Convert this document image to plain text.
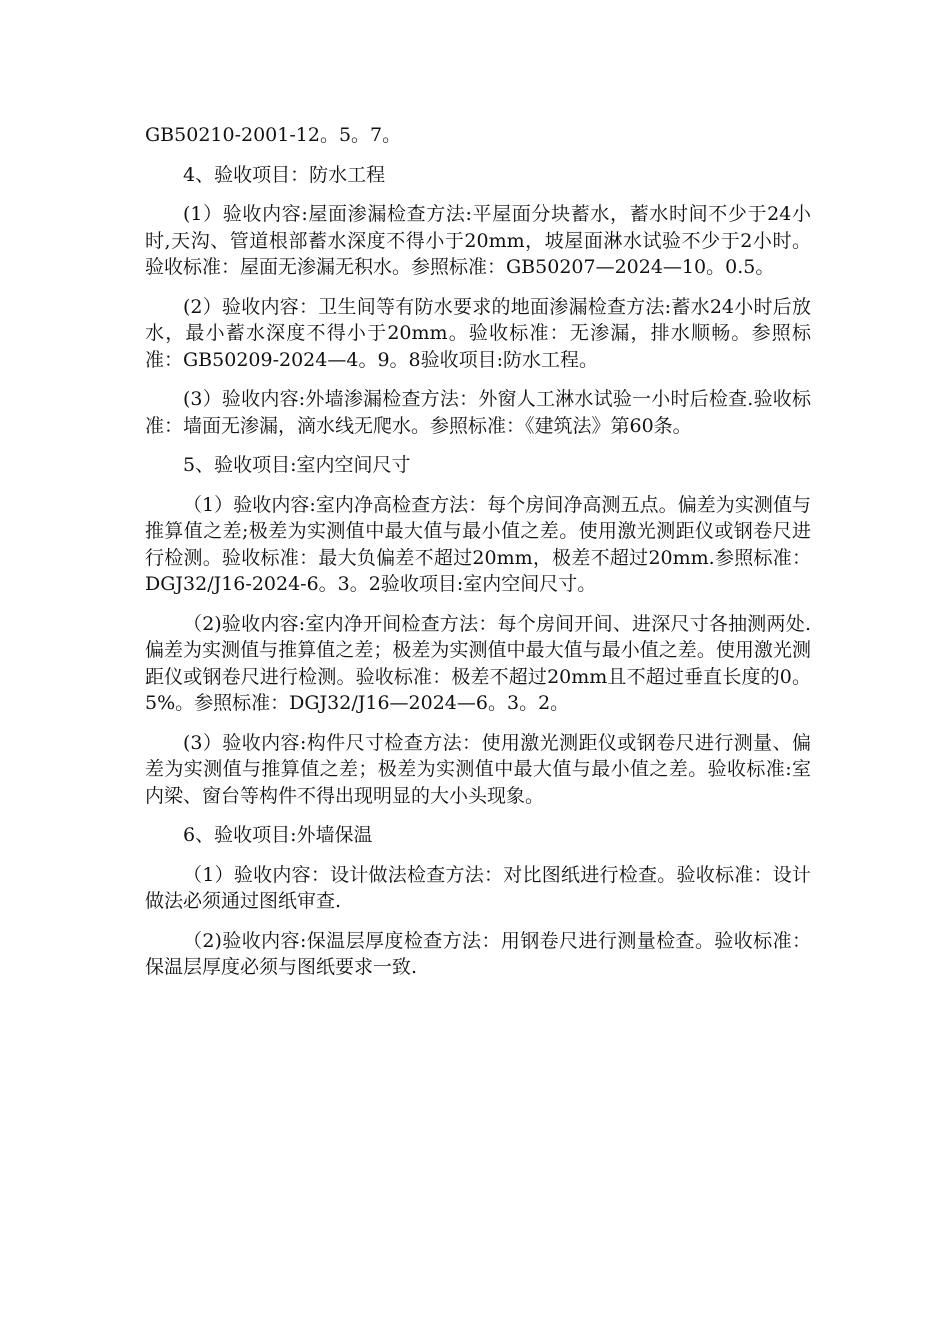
GB50210-2001-12。5。7。

4、验收项目：防水工程

(1）验收内容:屋面渗漏检查方法:平屋面分块蓄水，蓄水时间不少于24小时,天沟、管道根部蓄水深度不得小于20mm，坡屋面淋水试验不少于2小时。验收标准：屋面无渗漏无积水。参照标准：GB50207—2024—10。0.5。

(2）验收内容：卫生间等有防水要求的地面渗漏检查方法:蓄水24小时后放水，最小蓄水深度不得小于20mm。验收标准：无渗漏，排水顺畅。参照标准：GB50209-2024—4。9。8验收项目:防水工程。

(3）验收内容:外墙渗漏检查方法：外窗人工淋水试验一小时后检查.验收标准：墙面无渗漏，滴水线无爬水。参照标准：《建筑法》第60条。

5、验收项目:室内空间尺寸

（1）验收内容:室内净高检查方法：每个房间净高测五点。偏差为实测值与推算值之差;极差为实测值中最大值与最小值之差。使用激光测距仪或钢卷尺进行检测。验收标准：最大负偏差不超过20mm，极差不超过20mm.参照标准：DGJ32/J16-2024-6。3。2验收项目:室内空间尺寸。

（2)验收内容:室内净开间检查方法：每个房间开间、进深尺寸各抽测两处.偏差为实测值与推算值之差；极差为实测值中最大值与最小值之差。使用激光测距仪或钢卷尺进行检测。验收标准：极差不超过20mm且不超过垂直长度的0。5%。参照标准：DGJ32/J16—2024—6。3。2。

(3）验收内容:构件尺寸检查方法：使用激光测距仪或钢卷尺进行测量、偏差为实测值与推算值之差；极差为实测值中最大值与最小值之差。验收标准:室内梁、窗台等构件不得出现明显的大小头现象。

6、验收项目:外墙保温

（1）验收内容：设计做法检查方法：对比图纸进行检查。验收标准：设计做法必须通过图纸审查.

（2)验收内容:保温层厚度检查方法：用钢卷尺进行测量检查。验收标准：保温层厚度必须与图纸要求一致.
